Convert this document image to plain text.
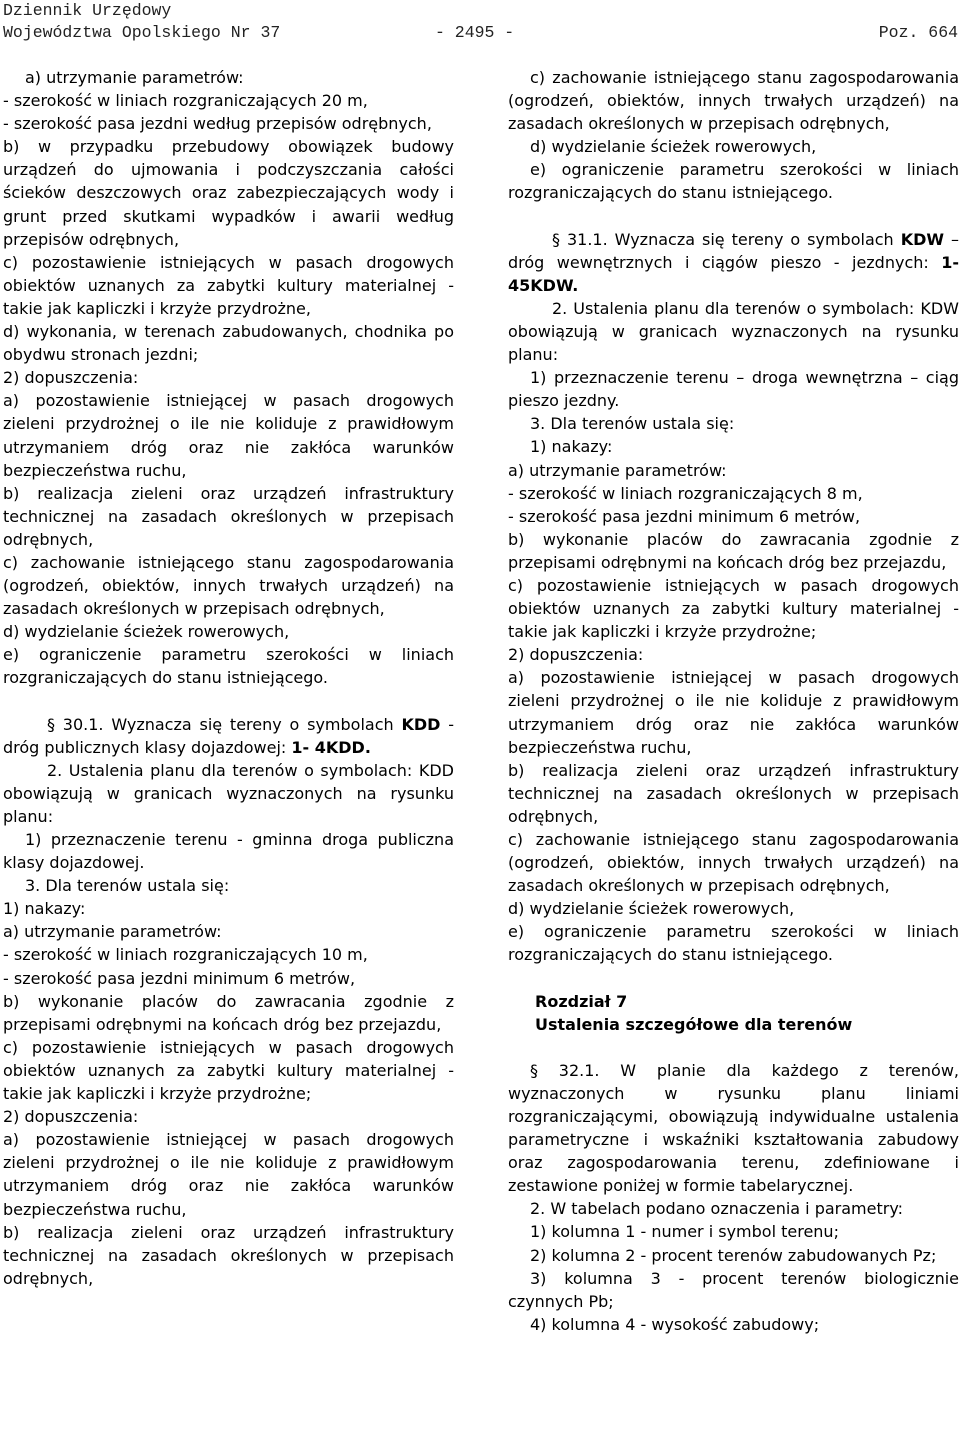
Dziennik Urzędowy
Województwa Opolskiego Nr 37	- 2495 -	Poz. 664

a) utrzymanie parametrów:

- szerokość w liniach rozgraniczających 20 m,

- szerokość pasa jezdni według przepisów odrębnych,

b) w przypadku przebudowy obowiązek budowy urządzeń do ujmowania i podczyszczania całości ścieków deszczowych oraz zabezpieczających wody i grunt przed skutkami wypadków i awarii według przepisów odrębnych,

c) pozostawienie istniejących w pasach drogowych obiektów uznanych za zabytki kultury materialnej - takie jak kapliczki i krzyże przydrożne,

d) wykonania, w terenach zabudowanych, chodnika po obydwu stronach jezdni;

2) dopuszczenia:

a) pozostawienie istniejącej w pasach drogowych zieleni przydrożnej o ile nie koliduje z prawidłowym utrzymaniem dróg oraz nie zakłóca warunków bezpieczeństwa ruchu,

b) realizacja zieleni oraz urządzeń infrastruktury technicznej na zasadach określonych w przepisach odrębnych,

c) zachowanie istniejącego stanu zagospodarowania (ogrodzeń, obiektów, innych trwałych urządzeń) na zasadach określonych w przepisach odrębnych,

d) wydzielanie ścieżek rowerowych,

e) ograniczenie parametru szerokości w liniach rozgraniczających do stanu istniejącego.

§ 30.1. Wyznacza się tereny o symbolach KDD - dróg publicznych klasy dojazdowej: 1- 4KDD.

2. Ustalenia planu dla terenów o symbolach: KDD obowiązują w granicach wyznaczonych na rysunku planu:

1) przeznaczenie terenu - gminna droga publiczna klasy dojazdowej.

3. Dla terenów ustala się:

1) nakazy:

a) utrzymanie parametrów:

- szerokość w liniach rozgraniczających 10 m,

- szerokość pasa jezdni minimum 6 metrów,

b) wykonanie placów do zawracania zgodnie z przepisami odrębnymi na końcach dróg bez przejazdu,

c) pozostawienie istniejących w pasach drogowych obiektów uznanych za zabytki kultury materialnej - takie jak kapliczki i krzyże przydrożne;

2) dopuszczenia:

a) pozostawienie istniejącej w pasach drogowych zieleni przydrożnej o ile nie koliduje z prawidłowym utrzymaniem dróg oraz nie zakłóca warunków bezpieczeństwa ruchu,

b) realizacja zieleni oraz urządzeń infrastruktury technicznej na zasadach określonych w przepisach odrębnych,

c) zachowanie istniejącego stanu zagospodarowania (ogrodzeń, obiektów, innych trwałych urządzeń) na zasadach określonych w przepisach odrębnych,

d) wydzielanie ścieżek rowerowych,

e) ograniczenie parametru szerokości w liniach rozgraniczających do stanu istniejącego.

§ 31.1. Wyznacza się tereny o symbolach KDW – dróg wewnętrznych i ciągów pieszo - jezdnych: 1- 45KDW.

2. Ustalenia planu dla terenów o symbolach: KDW obowiązują w granicach wyznaczonych na rysunku planu:

1) przeznaczenie terenu – droga wewnętrzna – ciąg pieszo jezdny.

3. Dla terenów ustala się:

1) nakazy:

a) utrzymanie parametrów:

- szerokość w liniach rozgraniczających 8 m,

- szerokość pasa jezdni minimum 6 metrów,

b) wykonanie placów do zawracania zgodnie z przepisami odrębnymi na końcach dróg bez przejazdu,

c) pozostawienie istniejących w pasach drogowych obiektów uznanych za zabytki kultury materialnej - takie jak kapliczki i krzyże przydrożne;

2) dopuszczenia:

a) pozostawienie istniejącej w pasach drogowych zieleni przydrożnej o ile nie koliduje z prawidłowym utrzymaniem dróg oraz nie zakłóca warunków bezpieczeństwa ruchu,

b) realizacja zieleni oraz urządzeń infrastruktury technicznej na zasadach określonych w przepisach odrębnych,

c) zachowanie istniejącego stanu zagospodarowania (ogrodzeń, obiektów, innych trwałych urządzeń) na zasadach określonych w przepisach odrębnych,

d) wydzielanie ścieżek rowerowych,

e) ograniczenie parametru szerokości w liniach rozgraniczających do stanu istniejącego.

Rozdział 7
Ustalenia szczegółowe dla terenów

§ 32.1. W planie dla każdego z terenów, wyznaczonych w rysunku planu liniami rozgraniczającymi, obowiązują indywidualne ustalenia parametryczne i wskaźniki kształtowania zabudowy oraz zagospodarowania terenu, zdefiniowane i zestawione poniżej w formie tabelarycznej.

2. W tabelach podano oznaczenia i parametry:

1) kolumna 1 - numer i symbol terenu;

2) kolumna 2 - procent terenów zabudowanych Pz;

3) kolumna 3 - procent terenów biologicznie czynnych Pb;

4) kolumna 4 - wysokość zabudowy;
